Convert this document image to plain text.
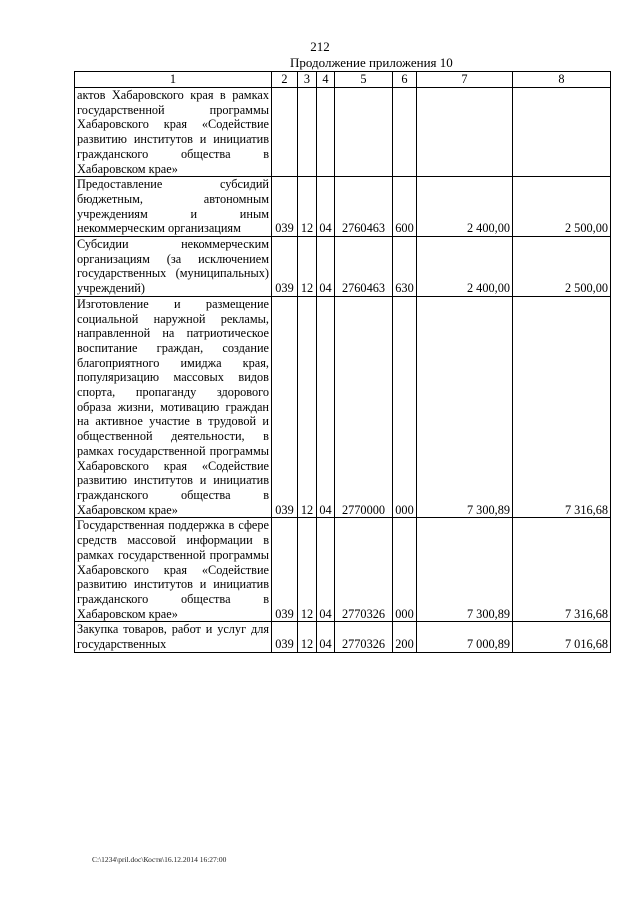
212
Продолжение приложения 10
1	2	3	4	5	6	7	8
актов Хабаровского края в рамках государственной программы Хабаровского края «Содействие развитию институтов и инициатив гражданского общества в Хабаровском крае»							
Предоставление субсидий бюджетным, автономным учреждениям и иным некоммерческим организациям	039	12	04	2760463	600	2 400,00	2 500,00
Субсидии некоммерческим организациям (за исключением государственных (муниципальных) учреждений)	039	12	04	2760463	630	2 400,00	2 500,00
Изготовление и размещение социальной наружной рекламы, направленной на патриотическое воспитание граждан, создание благоприятного имиджа края, популяризацию массовых видов спорта, пропаганду здорового образа жизни, мотивацию граждан на активное участие в трудовой и общественной деятельности, в рамках государственной программы Хабаровского края «Содействие развитию институтов и инициатив гражданского общества в Хабаровском крае»	039	12	04	2770000	000	7 300,89	7 316,68
Государственная поддержка в сфере средств массовой информации в рамках государственной программы Хабаровского края «Содействие развитию институтов и инициатив гражданского общества в Хабаровском крае»	039	12	04	2770326	000	7 300,89	7 316,68
Закупка товаров, работ и услуг для государственных	039	12	04	2770326	200	7 000,89	7 016,68
C:\1234\pril.doc\Костя\16.12.2014 16:27:00
